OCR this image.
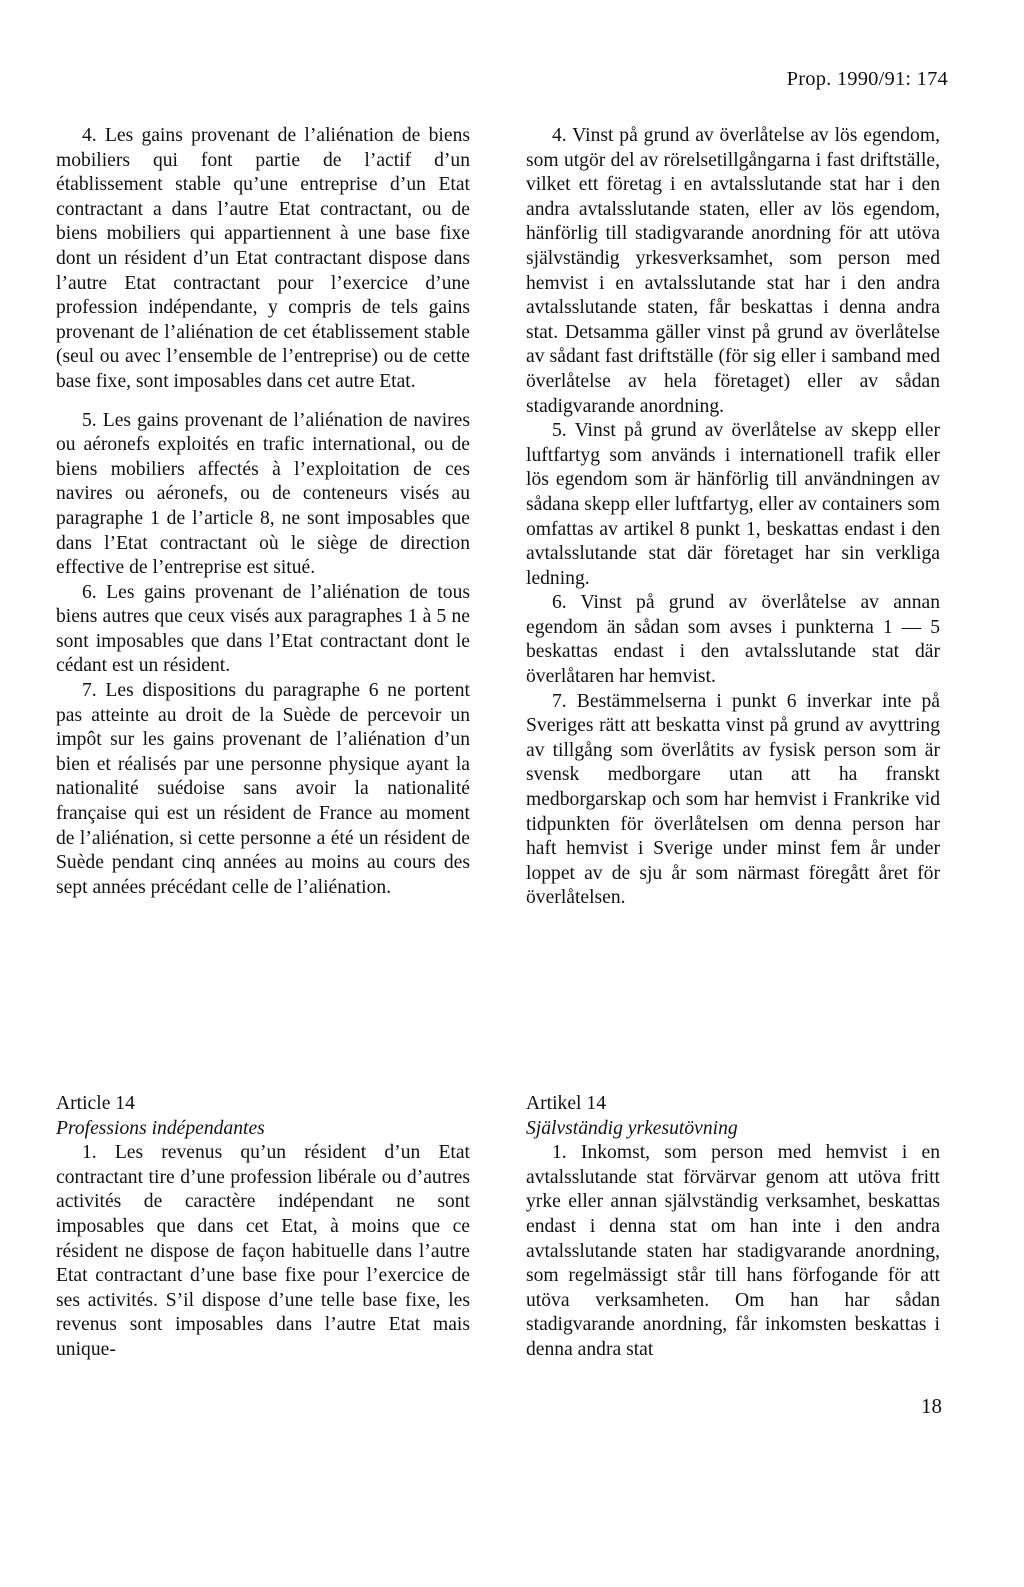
Prop. 1990/91: 174

4. Les gains provenant de l’aliénation de biens mobiliers qui font partie de l’actif d’un établissement stable qu’une entreprise d’un Etat contractant a dans l’autre Etat contractant, ou de biens mobiliers qui appartiennent à une base fixe dont un résident d’un Etat contractant dispose dans l’autre Etat contractant pour l’exercice d’une profession indépendante, y compris de tels gains provenant de l’aliénation de cet établissement stable (seul ou avec l’ensemble de l’entreprise) ou de cette base fixe, sont imposables dans cet autre Etat.

5. Les gains provenant de l’aliénation de navires ou aéronefs exploités en trafic international, ou de biens mobiliers affectés à l’exploitation de ces navires ou aéronefs, ou de conteneurs visés au paragraphe 1 de l’article 8, ne sont imposables que dans l’Etat contractant où le siège de direction effective de l’entreprise est situé.

6. Les gains provenant de l’aliénation de tous biens autres que ceux visés aux paragraphes 1 à 5 ne sont imposables que dans l’Etat contractant dont le cédant est un résident.

7. Les dispositions du paragraphe 6 ne portent pas atteinte au droit de la Suède de percevoir un impôt sur les gains provenant de l’aliénation d’un bien et réalisés par une personne physique ayant la nationalité suédoise sans avoir la nationalité française qui est un résident de France au moment de l’aliénation, si cette personne a été un résident de Suède pendant cinq années au moins au cours des sept années précédant celle de l’aliénation.

4. Vinst på grund av överlåtelse av lös egendom, som utgör del av rörelsetillgångarna i fast driftställe, vilket ett företag i en avtalsslutande stat har i den andra avtalsslutande staten, eller av lös egendom, hänförlig till stadigvarande anordning för att utöva självständig yrkesverksamhet, som person med hemvist i en avtalsslutande stat har i den andra avtalsslutande staten, får beskattas i denna andra stat. Detsamma gäller vinst på grund av överlåtelse av sådant fast driftställe (för sig eller i samband med överlåtelse av hela företaget) eller av sådan stadigvarande anordning.

5. Vinst på grund av överlåtelse av skepp eller luftfartyg som används i internationell trafik eller lös egendom som är hänförlig till användningen av sådana skepp eller luftfartyg, eller av containers som omfattas av artikel 8 punkt 1, beskattas endast i den avtalsslutande stat där företaget har sin verkliga ledning.

6. Vinst på grund av överlåtelse av annan egendom än sådan som avses i punkterna 1 — 5 beskattas endast i den avtalsslutande stat där överlåtaren har hemvist.

7. Bestämmelserna i punkt 6 inverkar inte på Sveriges rätt att beskatta vinst på grund av avyttring av tillgång som överlåtits av fysisk person som är svensk medborgare utan att ha franskt medborgarskap och som har hemvist i Frankrike vid tidpunkten för överlåtelsen om denna person har haft hemvist i Sverige under minst fem år under loppet av de sju år som närmast föregått året för överlåtelsen.

Article 14

Professions indépendantes

1. Les revenus qu’un résident d’un Etat contractant tire d’une profession libérale ou d’autres activités de caractère indépendant ne sont imposables que dans cet Etat, à moins que ce résident ne dispose de façon habituelle dans l’autre Etat contractant d’une base fixe pour l’exercice de ses activités. S’il dispose d’une telle base fixe, les revenus sont imposables dans l’autre Etat mais unique-

Artikel 14

Självständig yrkesutövning

1. Inkomst, som person med hemvist i en avtalsslutande stat förvärvar genom att utöva fritt yrke eller annan självständig verksamhet, beskattas endast i denna stat om han inte i den andra avtalsslutande staten har stadigvarande anordning, som regelmässigt står till hans förfogande för att utöva verksamheten. Om han har sådan stadigvarande anordning, får inkomsten beskattas i denna andra stat

18
